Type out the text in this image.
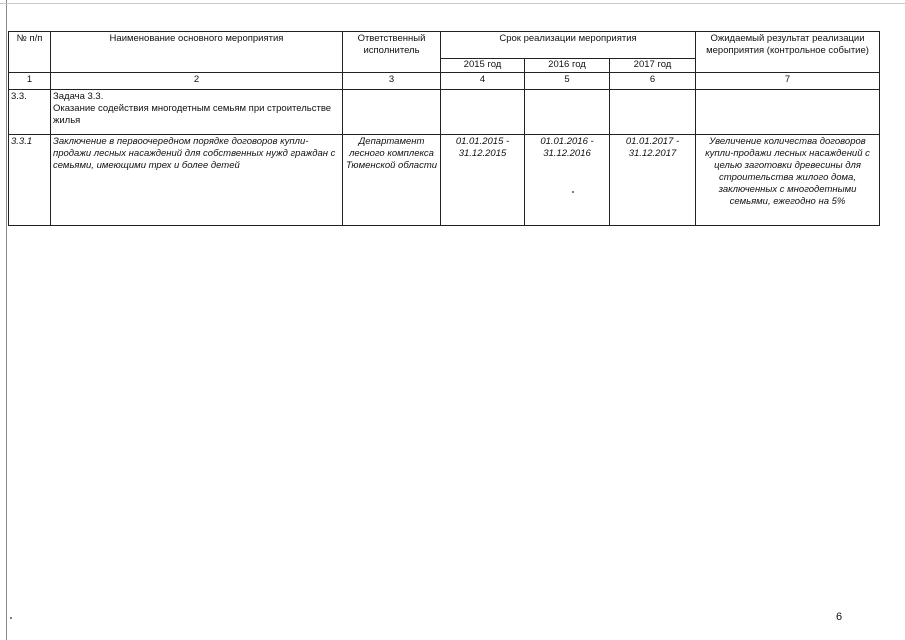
№ п/п	Наименование основного мероприятия	Ответственный исполнитель	Срок реализации мероприятия			Ожидаемый результат реализации мероприятия (контрольное событие)
			2015 год	2016 год	2017 год	
1	2	3	4	5	6	7
3.3.	Задача 3.3.
Оказание содействия многодетным семьям при строительстве жилья					

3.3.1	Заключение в первоочередном порядке договоров купли-продажи лесных насаждений для собственных нужд граждан с семьями, имеющими трех и более детей	Департамент лесного комплекса Тюменской области	01.01.2015 - 31.12.2015	01.01.2016 - 31.12.2016	01.01.2017 - 31.12.2017	Увеличение количества договоров купли-продажи лесных насаждений с целью заготовки древесины для строительства жилого дома, заключенных с многодетными семьями, ежегодно на 5%
6
